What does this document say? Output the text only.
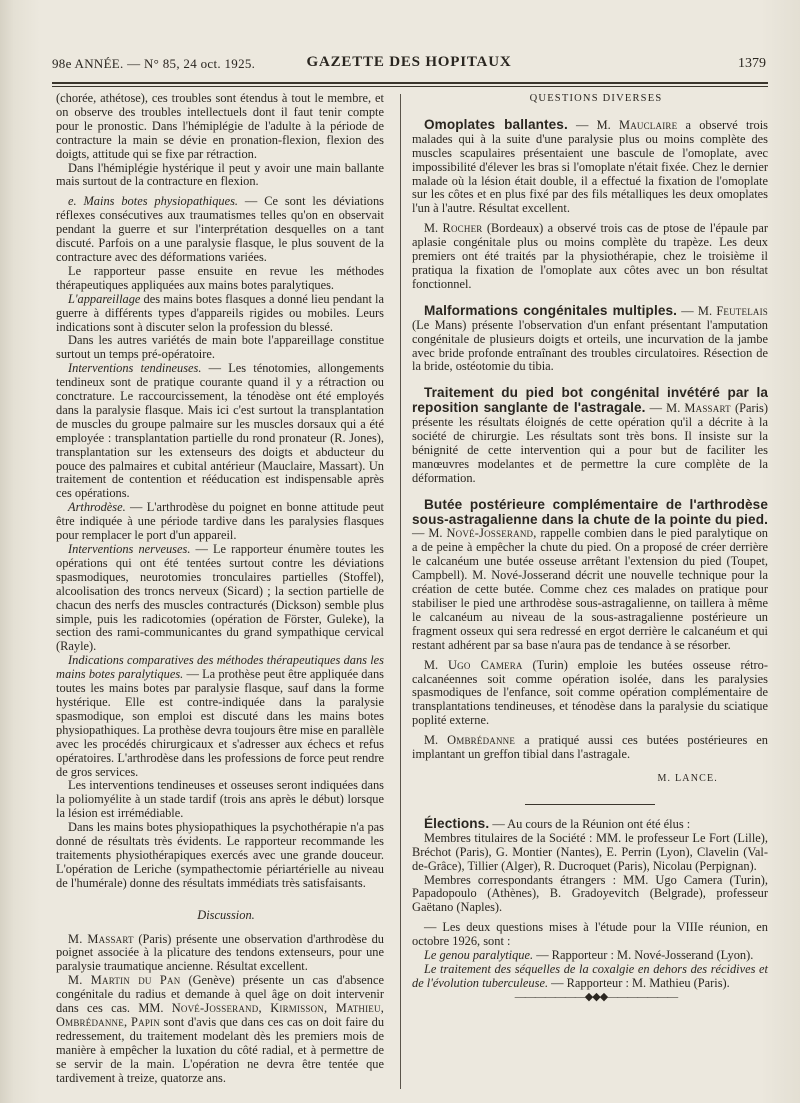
98e ANNÉE. — N° 85, 24 oct. 1925.	GAZETTE DES HOPITAUX	1379

(chorée, athétose), ces troubles sont étendus à tout le membre, et on observe des troubles intellectuels dont il faut tenir compte pour le pronostic. Dans l'hémiplégie de l'adulte à la période de contracture la main se dévie en pronation-flexion, flexion des doigts, attitude qui se fixe par rétraction.

Dans l'hémiplégie hystérique il peut y avoir une main ballante mais surtout de la contracture en flexion.

e. Mains botes physiopathiques. — Ce sont les déviations réflexes consécutives aux traumatismes telles qu'on en observait pendant la guerre et sur l'interprétation desquelles on a tant discuté. Parfois on a une paralysie flasque, le plus souvent de la contracture avec des déformations variées.

Le rapporteur passe ensuite en revue les méthodes thérapeutiques appliquées aux mains botes paralytiques.

L'appareillage des mains botes flasques a donné lieu pendant la guerre à différents types d'appareils rigides ou mobiles. Leurs indications sont à discuter selon la profession du blessé.

Dans les autres variétés de main bote l'appareillage constitue surtout un temps pré-opératoire.

Interventions tendineuses. — Les ténotomies, allongements tendineux sont de pratique courante quand il y a rétraction ou conctrature. Le raccourcissement, la ténodèse ont été employés dans la paralysie flasque. Mais ici c'est surtout la transplantation de muscles du groupe palmaire sur les muscles dorsaux qui a été employée : transplantation partielle du rond pronateur (R. Jones), transplantation sur les extenseurs des doigts et abducteur du pouce des palmaires et cubital antérieur (Mauclaire, Massart). Un traitement de contention et rééducation est indispensable après ces opérations.

Arthrodèse. — L'arthrodèse du poignet en bonne attitude peut être indiquée à une période tardive dans les paralysies flasques pour remplacer le port d'un appareil.

Interventions nerveuses. — Le rapporteur énumère toutes les opérations qui ont été tentées surtout contre les déviations spasmodiques, neurotomies tronculaires partielles (Stoffel), alcoolisation des troncs nerveux (Sicard) ; la section partielle de chacun des nerfs des muscles contracturés (Dickson) semble plus simple, puis les radicotomies (opération de Förster, Guleke), la section des rami-communicantes du grand sympathique cervical (Rayle).

Indications comparatives des méthodes thérapeutiques dans les mains botes paralytiques. — La prothèse peut être appliquée dans toutes les mains botes par paralysie flasque, sauf dans la forme hystérique. Elle est contre-indiquée dans la paralysie spasmodique, son emploi est discuté dans les mains botes physiopathiques. La prothèse devra toujours être mise en parallèle avec les procédés chirurgicaux et s'adresser aux échecs et refus opératoires. L'arthrodèse dans les professions de force peut rendre de gros services.

Les interventions tendineuses et osseuses seront indiquées dans la poliomyélite à un stade tardif (trois ans après le début) lorsque la lésion est irrémédiable.

Dans les mains botes physiopathiques la psychothérapie n'a pas donné de résultats très évidents. Le rapporteur recommande les traitements physiothérapiques exercés avec une grande douceur. L'opération de Leriche (sympathectomie périartérielle au niveau de l'humérale) donne des résultats immédiats très satisfaisants.

Discussion.

M. Massart (Paris) présente une observation d'arthrodèse du poignet associée à la plicature des tendons extenseurs, pour une paralysie traumatique ancienne. Résultat excellent.

M. Martin du Pan (Genève) présente un cas d'absence congénitale du radius et demande à quel âge on doit intervenir dans ces cas. MM. Nové-Josserand, Kirmisson, Mathieu, Ombrédanne, Papin sont d'avis que dans ces cas on doit faire du redressement, du traitement modelant dès les premiers mois de manière à empêcher la luxation du côté radial, et à permettre de se servir de la main. L'opération ne devra être tentée que tardivement à treize, quatorze ans.

QUESTIONS DIVERSES

Omoplates ballantes. — M. Mauclaire a observé trois malades qui à la suite d'une paralysie plus ou moins complète des muscles scapulaires présentaient une bascule de l'omoplate, avec impossibilité d'élever les bras si l'omoplate n'était fixée. Chez le dernier malade où la lésion était double, il a effectué la fixation de l'omoplate sur les côtes et en plus fixé par des fils métalliques les deux omoplates l'un à l'autre. Résultat excellent.

M. Rocher (Bordeaux) a observé trois cas de ptose de l'épaule par aplasie congénitale plus ou moins complète du trapèze. Les deux premiers ont été traités par la physiothérapie, chez le troisième il pratiqua la fixation de l'omoplate aux côtes avec un bon résultat fonctionnel.

Malformations congénitales multiples. — M. Feutelais (Le Mans) présente l'observation d'un enfant présentant l'amputation congénitale de plusieurs doigts et orteils, une incurvation de la jambe avec bride profonde entraînant des troubles circulatoires. Résection de la bride, ostéotomie du tibia.

Traitement du pied bot congénital invétéré par la reposition sanglante de l'astragale. — M. Massart (Paris) présente les résultats éloignés de cette opération qu'il a décrite à la société de chirurgie. Les résultats sont très bons. Il insiste sur la bénignité de cette intervention qui a pour but de faciliter les manœuvres modelantes et de permettre la cure complète de la déformation.

Butée postérieure complémentaire de l'arthrodèse sous-astragalienne dans la chute de la pointe du pied. — M. Nové-Josserand, rappelle combien dans le pied paralytique on a de peine à empêcher la chute du pied. On a proposé de créer derrière le calcanéum une butée osseuse arrêtant l'extension du pied (Toupet, Campbell). M. Nové-Josserand décrit une nouvelle technique pour la création de cette butée. Comme chez ces malades on pratique pour stabiliser le pied une arthrodèse sous-astragalienne, on taillera à même le calcanéum au niveau de la sous-astragalienne postérieure un fragment osseux qui sera redressé en ergot derrière le calcanéum et qui restant adhérent par sa base n'aura pas de tendance à se résorber.

M. Ugo Camera (Turin) emploie les butées osseuse rétro-calcanéennes soit comme opération isolée, dans les paralysies spasmodiques de l'enfance, soit comme opération complémentaire de transplantations tendineuses, et ténodèse dans la paralysie du sciatique poplité externe.

M. Ombrédanne a pratiqué aussi ces butées postérieures en implantant un greffon tibial dans l'astragale.

M. LANCE.

Élections. — Au cours de la Réunion ont été élus :

Membres titulaires de la Société : MM. le professeur Le Fort (Lille), Bréchot (Paris), G. Montier (Nantes), E. Perrin (Lyon), Clavelin (Val-de-Grâce), Tillier (Alger), R. Ducroquet (Paris), Nicolau (Perpignan).

Membres correspondants étrangers : MM. Ugo Camera (Turin), Papadopoulo (Athènes), B. Gradoyevitch (Belgrade), professeur Gaëtano (Naples).

— Les deux questions mises à l'étude pour la VIIIe réunion, en octobre 1926, sont :

Le genou paralytique. — Rapporteur : M. Nové-Josserand (Lyon).

Le traitement des séquelles de la coxalgie en dehors des récidives et de l'évolution tuberculeuse. — Rapporteur : M. Mathieu (Paris).

———————◆◆◆———————
